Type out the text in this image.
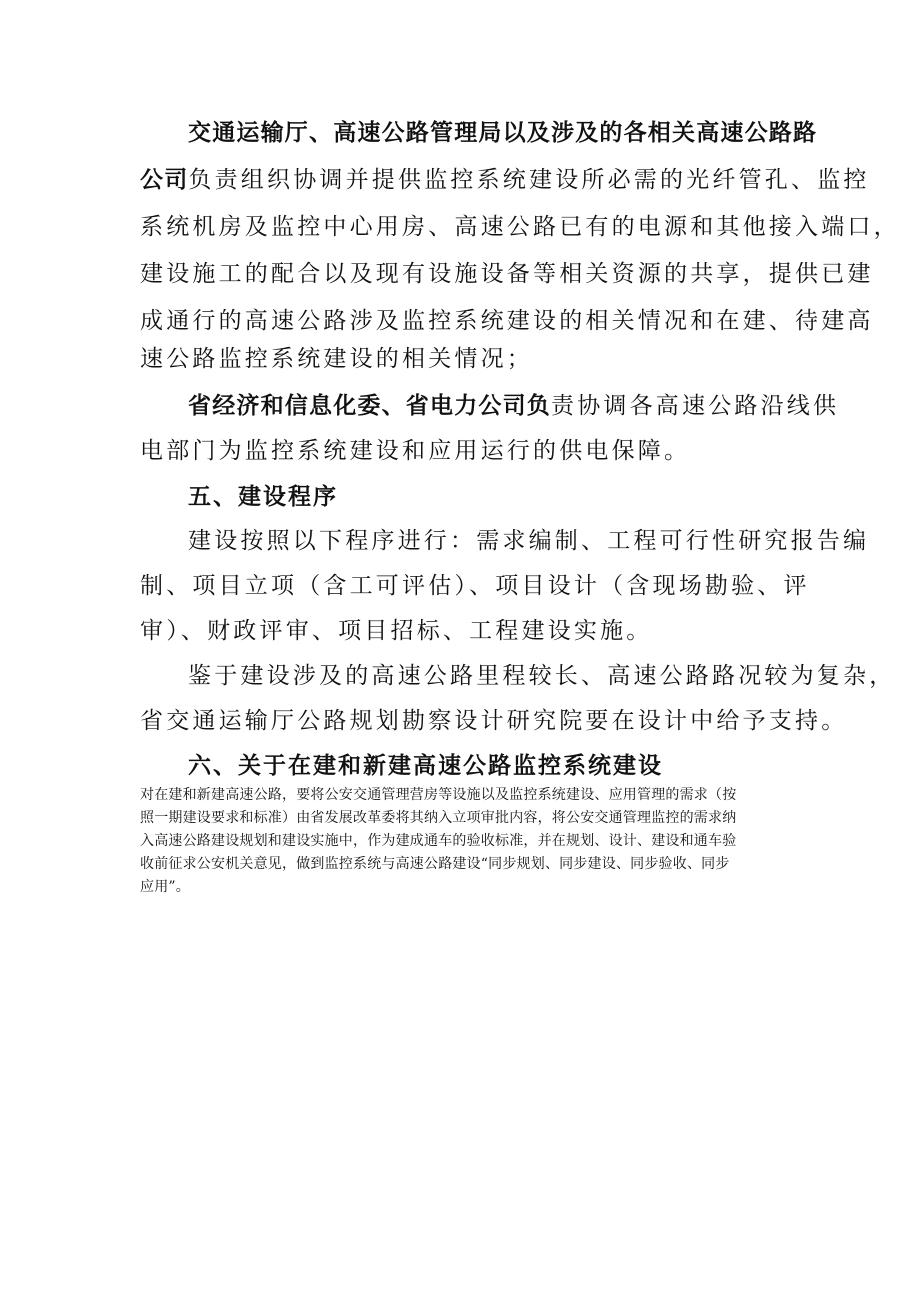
交通运输厅、高速公路管理局以及涉及的各相关高速公路路
公司负责组织协调并提供监控系统建设所必需的光纤管孔、监控
系统机房及监控中心用房、高速公路已有的电源和其他接入端口，
建设施工的配合以及现有设施设备等相关资源的共享，提供已建
成通行的高速公路涉及监控系统建设的相关情况和在建、待建高
速公路监控系统建设的相关情况；
省经济和信息化委、省电力公司负责协调各高速公路沿线供
电部门为监控系统建设和应用运行的供电保障。
五、建设程序
建设按照以下程序进行：需求编制、工程可行性研究报告编
制、项目立项（含工可评估）、项目设计（含现场勘验、评
审）、财政评审、项目招标、工程建设实施。
鉴于建设涉及的高速公路里程较长、高速公路路况较为复杂，
省交通运输厅公路规划勘察设计研究院要在设计中给予支持。
六、关于在建和新建高速公路监控系统建设
对在建和新建高速公路，要将公安交通管理营房等设施以及监控系统建设、应用管理的需求（按
照一期建设要求和标准）由省发展改革委将其纳入立项审批内容，将公安交通管理监控的需求纳
入高速公路建设规划和建设实施中，作为建成通车的验收标准，并在规划、设计、建设和通车验
收前征求公安机关意见，做到监控系统与高速公路建设“同步规划、同步建设、同步验收、同步
应用”。
